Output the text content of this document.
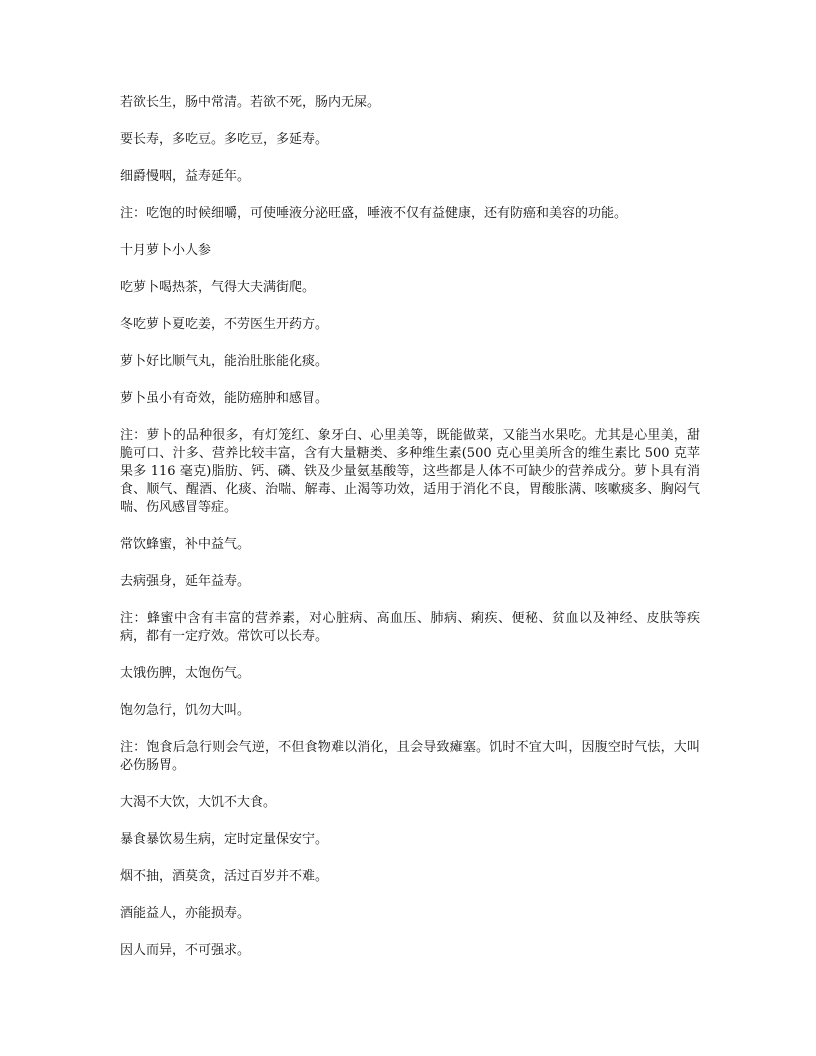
若欲长生，肠中常清。若欲不死，肠内无屎。

要长寿，多吃豆。多吃豆，多延寿。

细爵慢咽，益寿延年。

注：吃饱的时候细嚼，可使唾液分泌旺盛，唾液不仅有益健康，还有防癌和美容的功能。

十月萝卜小人参

吃萝卜喝热茶，气得大夫满街爬。

冬吃萝卜夏吃姜，不劳医生开药方。

萝卜好比顺气丸，能治肚胀能化痰。

萝卜虽小有奇效，能防癌肿和感冒。

注：萝卜的品种很多，有灯笼红、象牙白、心里美等，既能做菜，又能当水果吃。尤其是心里美，甜脆可口、汁多、营养比较丰富，含有大量糖类、多种维生素(500 克心里美所含的维生素比 500 克苹果多 116 毫克)脂肪、钙、磷、铁及少量氨基酸等，这些都是人体不可缺少的营养成分。萝卜具有消食、顺气、醒酒、化痰、治喘、解毒、止渴等功效，适用于消化不良，胃酸胀满、咳嗽痰多、胸闷气喘、伤风感冒等症。

常饮蜂蜜，补中益气。

去病强身，延年益寿。

注：蜂蜜中含有丰富的营养素，对心脏病、高血压、肺病、痢疾、便秘、贫血以及神经、皮肤等疾病，都有一定疗效。常饮可以长寿。

太饿伤脾，太饱伤气。

饱勿急行，饥勿大叫。

注：饱食后急行则会气逆，不但食物难以消化，且会导致瘫塞。饥时不宜大叫，因腹空时气怯，大叫必伤肠胃。

大渴不大饮，大饥不大食。

暴食暴饮易生病，定时定量保安宁。

烟不抽，酒莫贪，活过百岁并不难。

酒能益人，亦能损寿。

因人而异，不可强求。
